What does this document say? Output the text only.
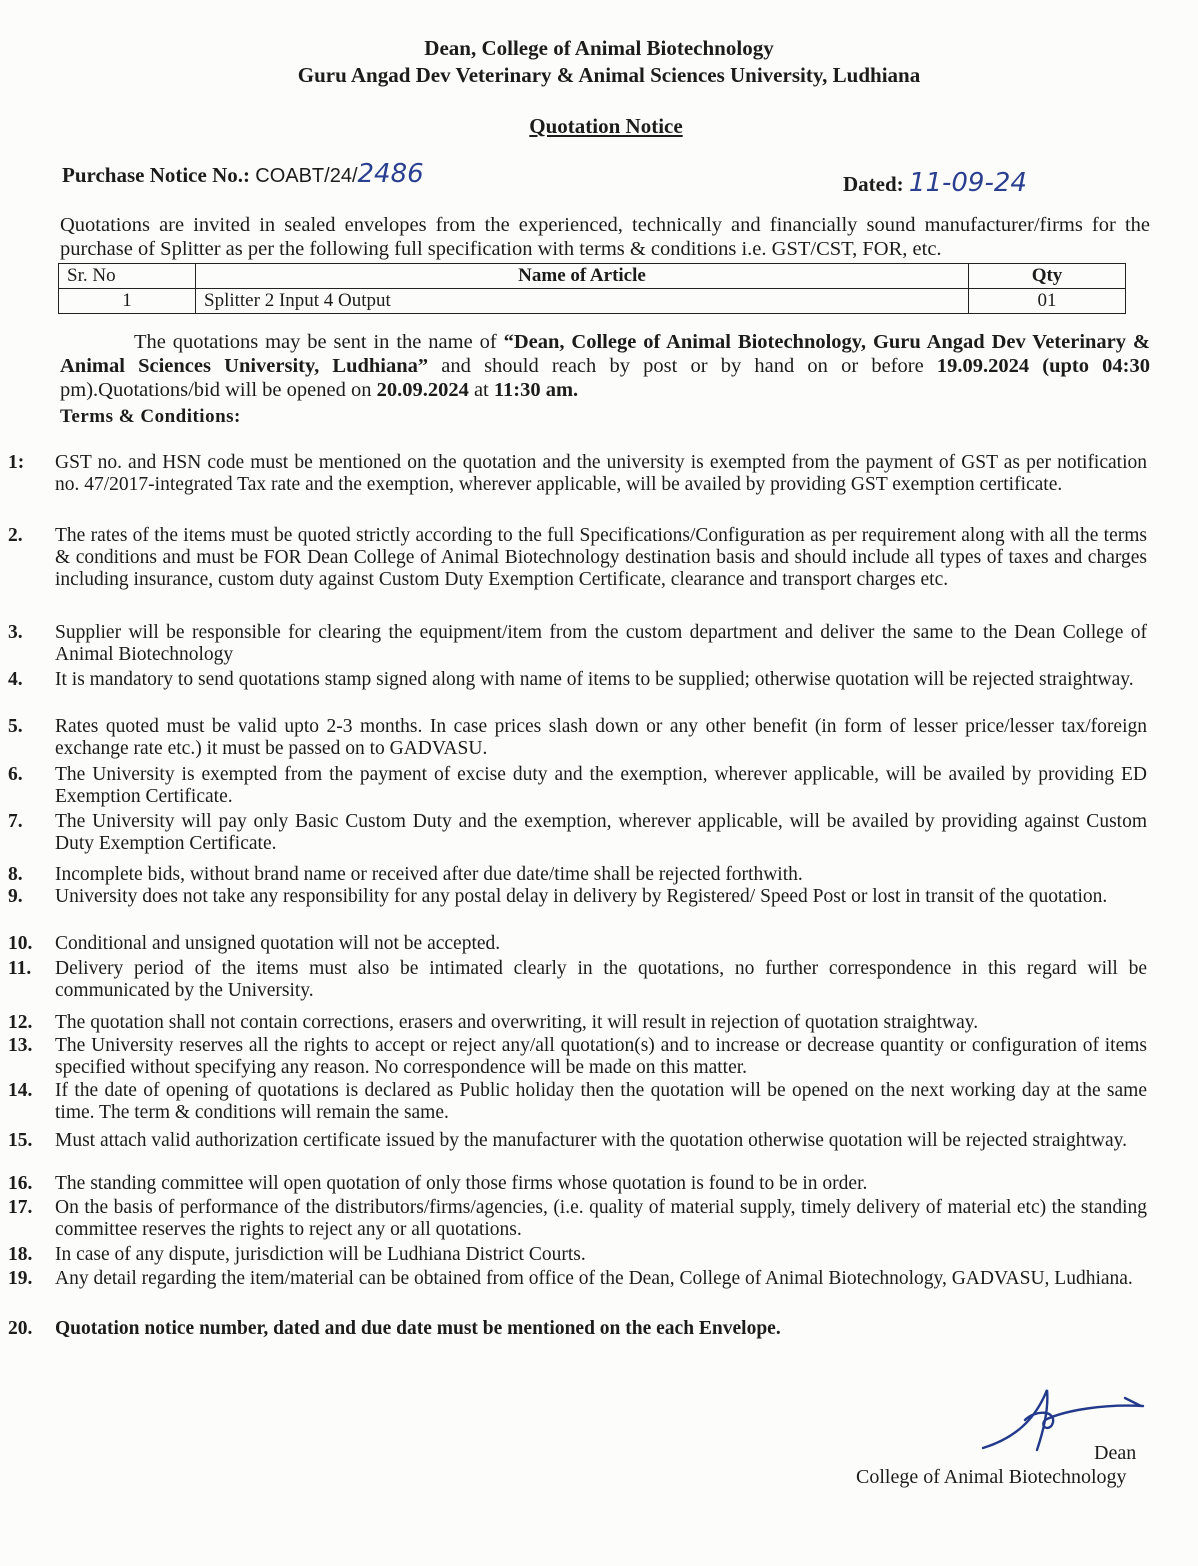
Dean, College of Animal Biotechnology
Guru Angad Dev Veterinary & Animal Sciences University, Ludhiana
Quotation Notice
Purchase Notice No.: COABT/24/2486	Dated: 11-09-24
Quotations are invited in sealed envelopes from the experienced, technically and financially sound manufacturer/firms for the purchase of Splitter as per the following full specification with terms & conditions i.e. GST/CST, FOR, etc.
Sr. No	Name of Article	Qty
1	Splitter 2 Input 4 Output	01
The quotations may be sent in the name of “Dean, College of Animal Biotechnology, Guru Angad Dev Veterinary & Animal Sciences University, Ludhiana” and should reach by post or by hand on or before 19.09.2024 (upto 04:30 pm).Quotations/bid will be opened on 20.09.2024 at 11:30 am.
Terms & Conditions:
1:	GST no. and HSN code must be mentioned on the quotation and the university is exempted from the payment of GST as per notification no. 47/2017-integrated Tax rate and the exemption, wherever applicable, will be availed by providing GST exemption certificate.
2.	The rates of the items must be quoted strictly according to the full Specifications/Configuration as per requirement along with all the terms & conditions and must be FOR Dean College of Animal Biotechnology destination basis and should include all types of taxes and charges including insurance, custom duty against Custom Duty Exemption Certificate, clearance and transport charges etc.
3.	Supplier will be responsible for clearing the equipment/item from the custom department and deliver the same to the Dean College of Animal Biotechnology
4.	It is mandatory to send quotations stamp signed along with name of items to be supplied; otherwise quotation will be rejected straightway.
5.	Rates quoted must be valid upto 2-3 months. In case prices slash down or any other benefit (in form of lesser price/lesser tax/foreign exchange rate etc.) it must be passed on to GADVASU.
6.	The University is exempted from the payment of excise duty and the exemption, wherever applicable, will be availed by providing ED Exemption Certificate.
7.	The University will pay only Basic Custom Duty and the exemption, wherever applicable, will be availed by providing against Custom Duty Exemption Certificate.
8.	Incomplete bids, without brand name or received after due date/time shall be rejected forthwith.
9.	University does not take any responsibility for any postal delay in delivery by Registered/ Speed Post or lost in transit of the quotation.
10.	Conditional and unsigned quotation will not be accepted.
11.	Delivery period of the items must also be intimated clearly in the quotations, no further correspondence in this regard will be communicated by the University.
12.	The quotation shall not contain corrections, erasers and overwriting, it will result in rejection of quotation straightway.
13.	The University reserves all the rights to accept or reject any/all quotation(s) and to increase or decrease quantity or configuration of items specified without specifying any reason. No correspondence will be made on this matter.
14.	If the date of opening of quotations is declared as Public holiday then the quotation will be opened on the next working day at the same time. The term & conditions will remain the same.
15.	Must attach valid authorization certificate issued by the manufacturer with the quotation otherwise quotation will be rejected straightway.
16.	The standing committee will open quotation of only those firms whose quotation is found to be in order.
17.	On the basis of performance of the distributors/firms/agencies, (i.e. quality of material supply, timely delivery of material etc) the standing committee reserves the rights to reject any or all quotations.
18.	In case of any dispute, jurisdiction will be Ludhiana District Courts.
19.	Any detail regarding the item/material can be obtained from office of the Dean, College of Animal Biotechnology, GADVASU, Ludhiana.
20.	Quotation notice number, dated and due date must be mentioned on the each Envelope.
Dean
College of Animal Biotechnology
